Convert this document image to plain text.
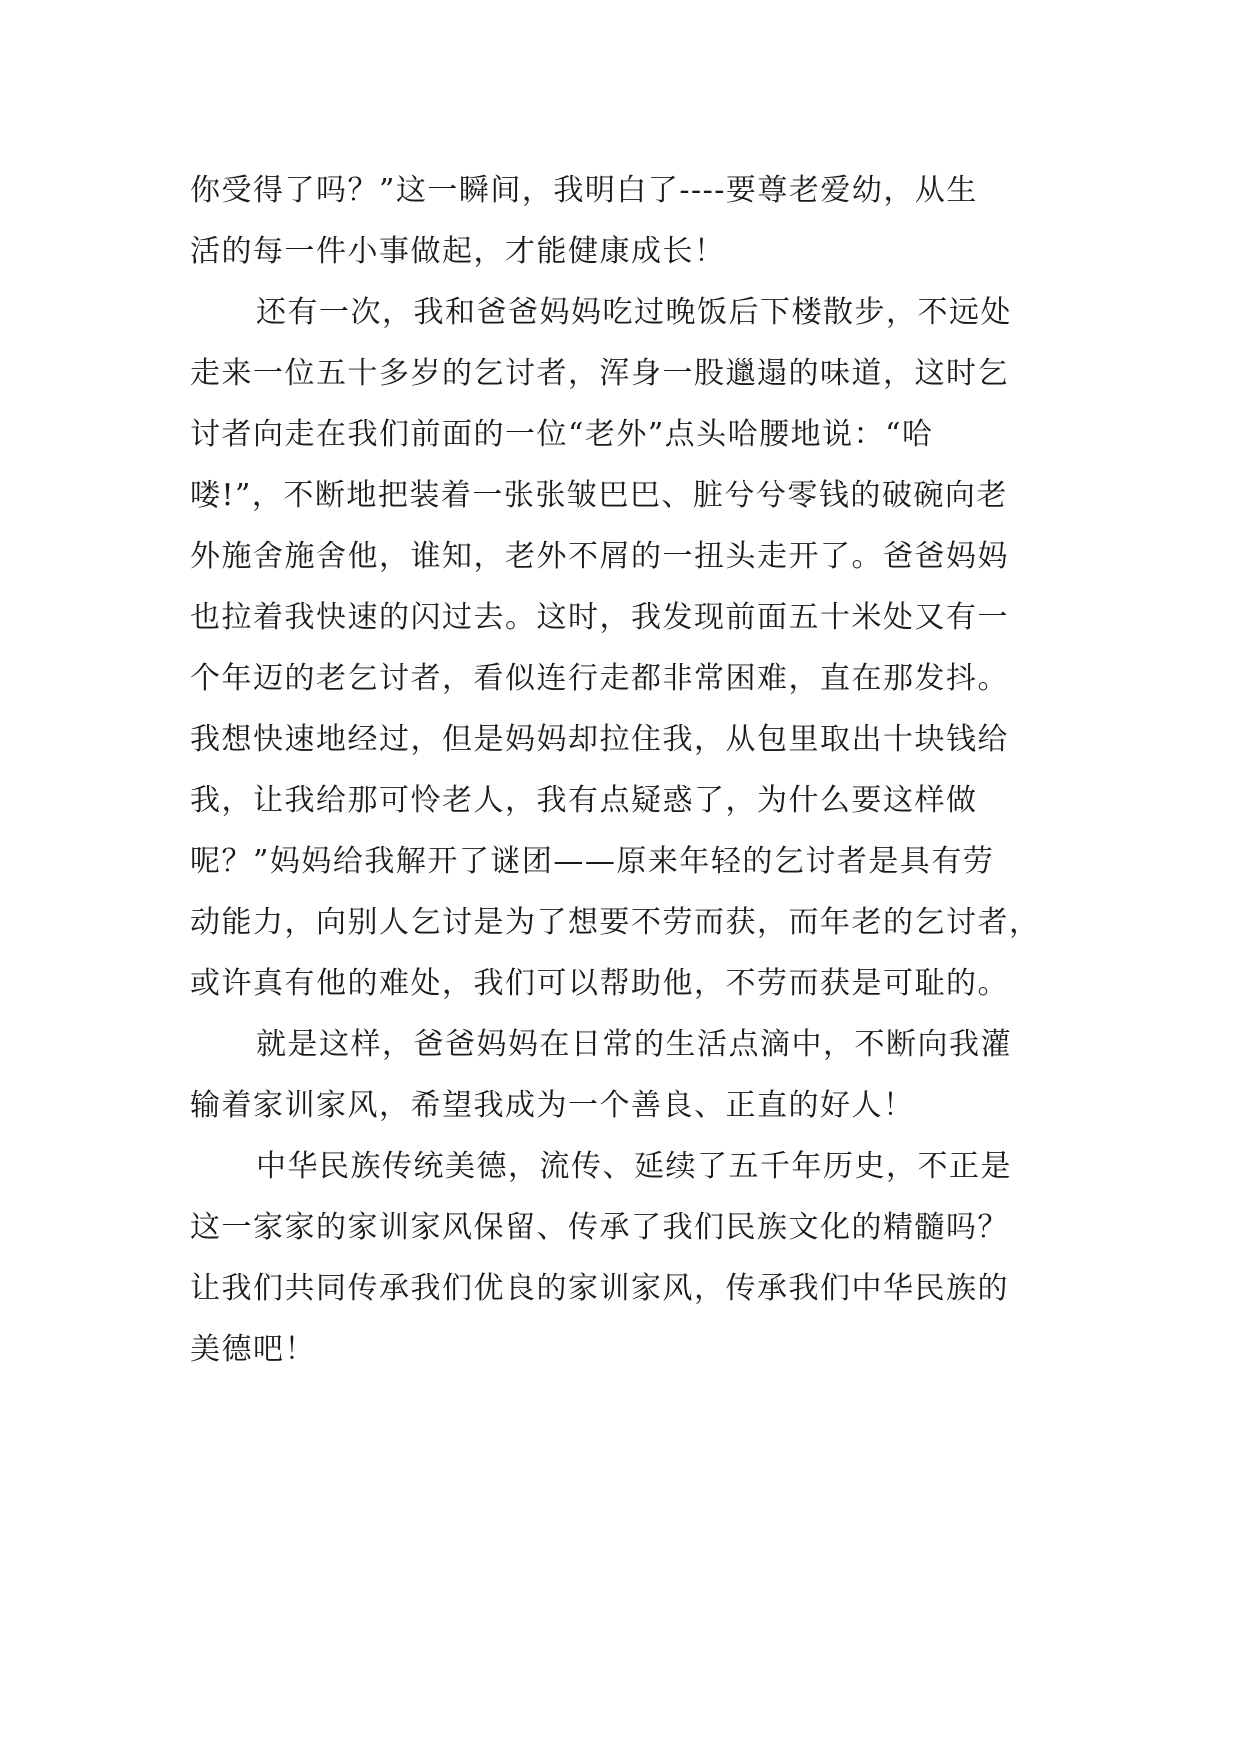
你受得了吗？”这一瞬间，我明白了----要尊老爱幼，从生
活的每一件小事做起，才能健康成长！
还有一次，我和爸爸妈妈吃过晚饭后下楼散步，不远处
走来一位五十多岁的乞讨者，浑身一股邋遢的味道，这时乞
讨者向走在我们前面的一位“老外”点头哈腰地说：“哈
喽!”，不断地把装着一张张皱巴巴、脏兮兮零钱的破碗向老
外施舍施舍他，谁知，老外不屑的一扭头走开了。爸爸妈妈
也拉着我快速的闪过去。这时，我发现前面五十米处又有一
个年迈的老乞讨者，看似连行走都非常困难，直在那发抖。
我想快速地经过，但是妈妈却拉住我，从包里取出十块钱给
我，让我给那可怜老人，我有点疑惑了，为什么要这样做
呢？”妈妈给我解开了谜团——原来年轻的乞讨者是具有劳
动能力，向别人乞讨是为了想要不劳而获，而年老的乞讨者，
或许真有他的难处，我们可以帮助他，不劳而获是可耻的。
就是这样，爸爸妈妈在日常的生活点滴中，不断向我灌
输着家训家风，希望我成为一个善良、正直的好人！
中华民族传统美德，流传、延续了五千年历史，不正是
这一家家的家训家风保留、传承了我们民族文化的精髓吗？
让我们共同传承我们优良的家训家风，传承我们中华民族的
美德吧！
